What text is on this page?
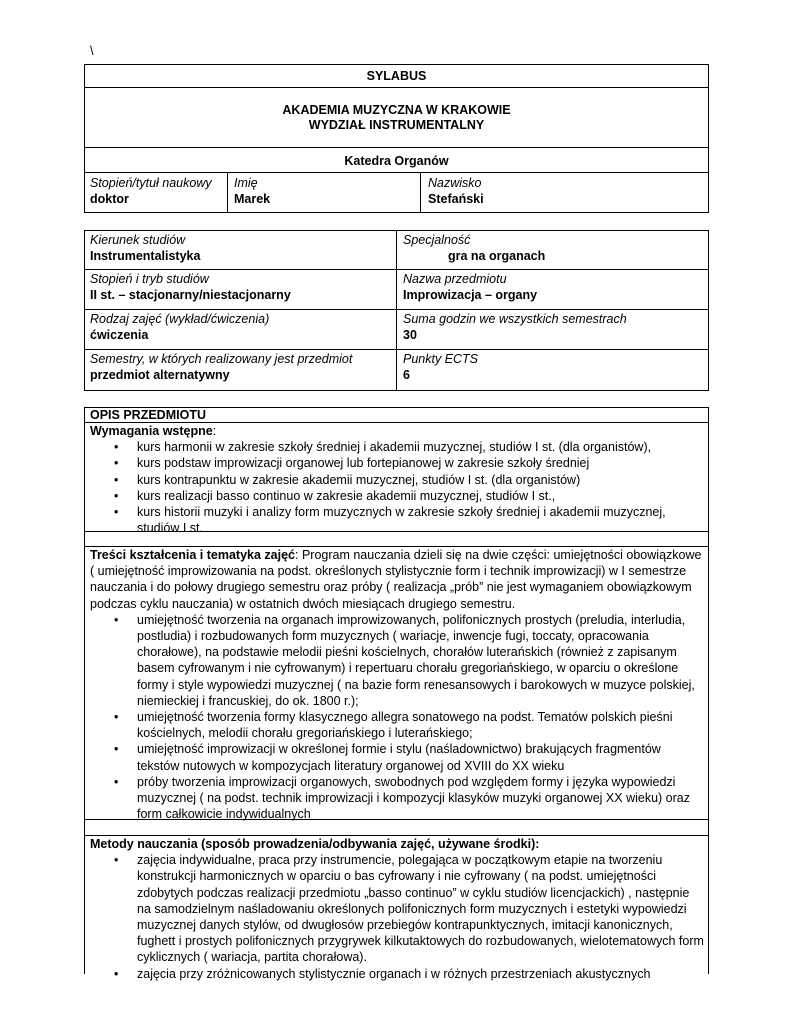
\
SYLABUS
AKADEMIA MUZYCZNA W KRAKOWIE
WYDZIAŁ INSTRUMENTALNY
Katedra Organów
Stopień/tytuł naukowy
doktor
Imię
Marek
Nazwisko
Stefański
Kierunek studiów
Instrumentalistyka
Specjalność
gra na organach
Stopień i tryb studiów
II st. – stacjonarny/niestacjonarny
Nazwa przedmiotu
Improwizacja – organy
Rodzaj zajęć (wykład/ćwiczenia)
ćwiczenia
Suma godzin we wszystkich semestrach
30
Semestry, w których realizowany jest przedmiot
przedmiot alternatywny
Punkty ECTS
6
OPIS PRZEDMIOTU
Wymagania wstępne:
• kurs harmonii w zakresie szkoły średniej i akademii muzycznej, studiów I st. (dla organistów),
• kurs podstaw improwizacji organowej lub fortepianowej w zakresie szkoły średniej
• kurs kontrapunktu w zakresie akademii muzycznej, studiów I st. (dla organistów)
• kurs realizacji basso continuo w zakresie akademii muzycznej, studiów I st.,
• kurs historii muzyki i analizy form muzycznych w zakresie szkoły średniej i akademii muzycznej, studiów I st.
Treści kształcenia i tematyka zajęć: Program nauczania dzieli się na dwie części: umiejętności obowiązkowe ( umiejętność improwizowania na podst. określonych stylistycznie form i technik improwizacji) w I semestrze nauczania i do połowy drugiego semestru oraz próby ( realizacja „prób” nie jest wymaganiem obowiązkowym podczas cyklu nauczania) w ostatnich dwóch miesiącach drugiego semestru.
• umiejętność tworzenia na organach improwizowanych, polifonicznych prostych (preludia, interludia, postludia) i rozbudowanych form muzycznych ( wariacje, inwencje fugi, toccaty, opracowania chorałowe), na podstawie melodii pieśni kościelnych, chorałów luterańskich (również z zapisanym basem cyfrowanym i nie cyfrowanym) i repertuaru chorału gregoriańskiego, w oparciu o określone formy i style wypowiedzi muzycznej ( na bazie form renesansowych i barokowych w muzyce polskiej, niemieckiej i francuskiej, do ok. 1800 r.);
• umiejętność tworzenia formy klasycznego allegra sonatowego na podst. Tematów polskich pieśni kościelnych, melodii chorału gregoriańskiego i luterańskiego;
• umiejętność improwizacji w określonej formie i stylu (naśladownictwo) brakujących fragmentów tekstów nutowych w kompozycjach literatury organowej od XVIII do XX wieku
• próby tworzenia improwizacji organowych, swobodnych pod względem formy i języka wypowiedzi muzycznej ( na podst. technik improwizacji i kompozycji klasyków muzyki organowej XX wieku) oraz form całkowicie indywidualnych
Metody nauczania (sposób prowadzenia/odbywania zajęć, używane środki):
• zajęcia indywidualne, praca przy instrumencie, polegająca w początkowym etapie na tworzeniu konstrukcji harmonicznych w oparciu o bas cyfrowany i nie cyfrowany ( na podst. umiejętności zdobytych podczas realizacji przedmiotu „basso continuo” w cyklu studiów licencjackich) , następnie na samodzielnym naśladowaniu określonych polifonicznych form muzycznych i estetyki wypowiedzi muzycznej danych stylów, od dwugłosów przebiegów kontrapunktycznych, imitacji kanonicznych, fughett i prostych polifonicznych przygrywek kilkutaktowych do rozbudowanych, wielotematowych form cyklicznych ( wariacja, partita chorałowa).
• zajęcia przy zróżnicowanych stylistycznie organach i w różnych przestrzeniach akustycznych
